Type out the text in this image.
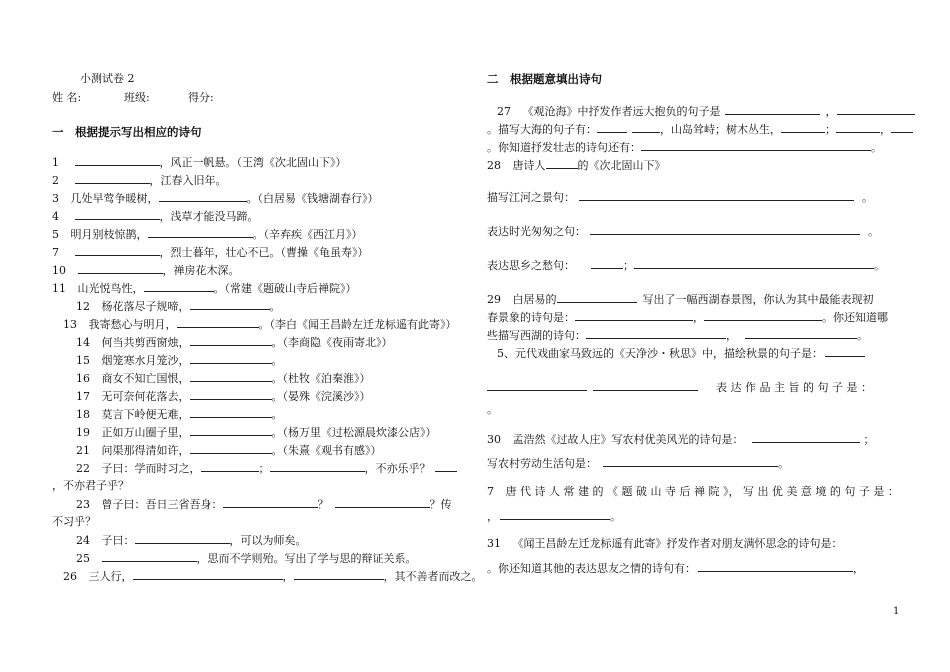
1
小测试卷 2
姓 名:	班级:	得分:
一　根据提示写出相应的诗句
1	，风正一帆悬。（王湾《次北固山下》）
2	，江春入旧年。
3 几处早莺争暖树，	。（白居易《钱塘湖春行》）
4	，浅草才能没马蹄。
5 明月别枝惊鹊，	。（辛弃疾《西江月》）
7	，烈士暮年，壮心不已。（曹操《龟虽寿》）
10	，禅房花木深。
11 山光悦鸟性，	。（常建《题破山寺后禅院》）
12 杨花落尽子规啼，	。
13 我寄愁心与明月，	。（李白《闻王昌龄左迁龙标遥有此寄》）
14 何当共剪西窗烛，	。（李商隐《夜雨寄北》）
15 烟笼寒水月笼沙，	。
16 商女不知亡国恨，	。（杜牧《泊秦淮》）
17 无可奈何花落去，	。（晏殊《浣溪沙》）
18 莫言下岭便无难，	。
19 正如万山圈子里，	。（杨万里《过松源晨炊漆公店》）
21 问渠那得清如许，	。（朱熹《观书有感》）
22 子曰：学而时习之，	；	，不亦乐乎？
，不亦君子乎？
23 曾子曰：吾日三省吾身：	？	？传
不习乎？
24 子曰：	，可以为师矣。
25	，思而不学则殆。写出了学与思的辩证关系。
26 三人行，	，	，其不善者而改之。
二　根据题意填出诗句
27 《观沧海》中抒发作者远大抱负的句子是	，
。描写大海的句子有：	，山岛耸峙；树木丛生，	；	，
。你知道抒发壮志的诗句还有：	。
28 唐诗人	的《次北固山下》
描写江河之景句：	。
表达时光匆匆之句：	。
表达思乡之愁句：	；	。
29 白居易的	写出了一幅西湖春景图，你认为其中最能表现初
春景象的诗句是：	，	。你还知道哪
些描写西湖的诗句：	，	。
5、元代戏曲家马致远的《天净沙・秋思》中，描绘秋景的句子是：
表 达 作 品 主 旨 的 句 子 是 ：
。
30 孟浩然《过故人庄》写农村优美风光的诗句是：	；
写农村劳动生活句是：	。
7 唐 代 诗 人 常 建 的 《 题 破 山 寺 后 禅 院 》， 写 出 优 美 意 境 的 句 子 是 ：
，	。
31 《闻王昌龄左迁龙标遥有此寄》抒发作者对朋友满怀思念的诗句是：
。你还知道其他的表达思友之情的诗句有：	，
